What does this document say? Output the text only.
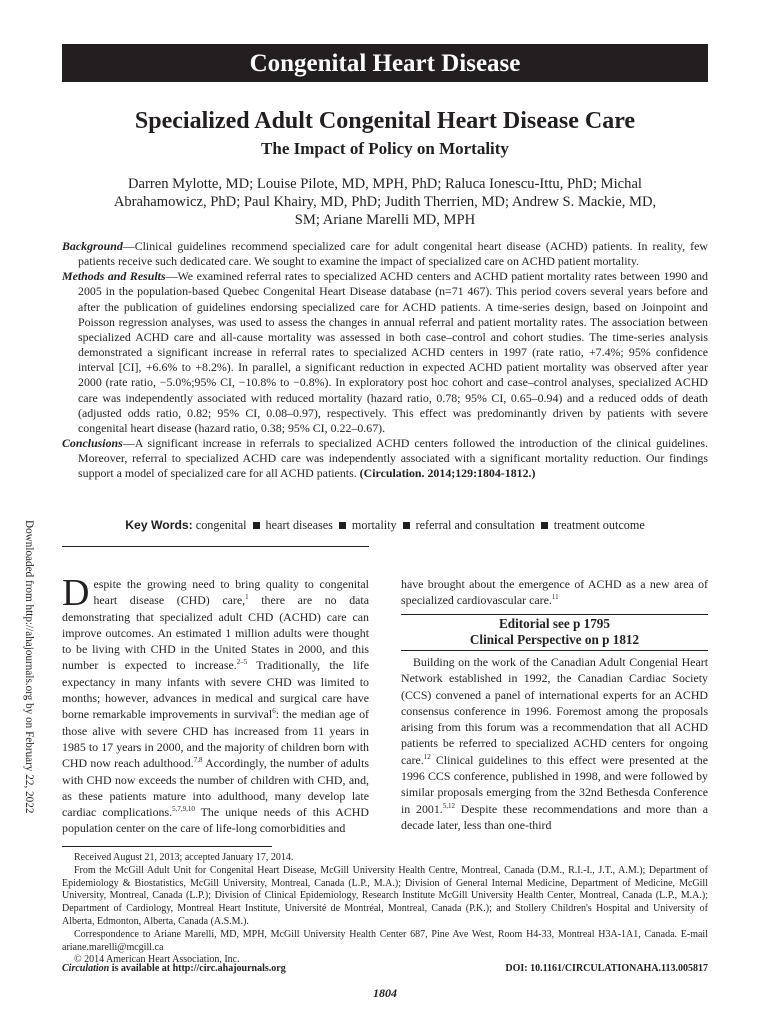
Congenital Heart Disease
Specialized Adult Congenital Heart Disease Care
The Impact of Policy on Mortality
Darren Mylotte, MD; Louise Pilote, MD, MPH, PhD; Raluca Ionescu-Ittu, PhD; Michal Abrahamowicz, PhD; Paul Khairy, MD, PhD; Judith Therrien, MD; Andrew S. Mackie, MD, SM; Ariane Marelli MD, MPH

Background—Clinical guidelines recommend specialized care for adult congenital heart disease (ACHD) patients. In reality, few patients receive such dedicated care. We sought to examine the impact of specialized care on ACHD patient mortality.

Methods and Results—We examined referral rates to specialized ACHD centers and ACHD patient mortality rates between 1990 and 2005 in the population-based Quebec Congenital Heart Disease database (n=71 467). This period covers several years before and after the publication of guidelines endorsing specialized care for ACHD patients. A time-series design, based on Joinpoint and Poisson regression analyses, was used to assess the changes in annual referral and patient mortality rates. The association between specialized ACHD care and all-cause mortality was assessed in both case–control and cohort studies. The time-series analysis demonstrated a significant increase in referral rates to specialized ACHD centers in 1997 (rate ratio, +7.4%; 95% confidence interval [CI], +6.6% to +8.2%). In parallel, a significant reduction in expected ACHD patient mortality was observed after year 2000 (rate ratio, −5.0%;95% CI, −10.8% to −0.8%). In exploratory post hoc cohort and case–control analyses, specialized ACHD care was independently associated with reduced mortality (hazard ratio, 0.78; 95% CI, 0.65–0.94) and a reduced odds of death (adjusted odds ratio, 0.82; 95% CI, 0.08–0.97), respectively. This effect was predominantly driven by patients with severe congenital heart disease (hazard ratio, 0.38; 95% CI, 0.22–0.67).

Conclusions—A significant increase in referrals to specialized ACHD centers followed the introduction of the clinical guidelines. Moreover, referral to specialized ACHD care was independently associated with a significant mortality reduction. Our findings support a model of specialized care for all ACHD patients. (Circulation. 2014;129:1804-1812.)

Key Words: congenital heart diseases mortality referral and consultation treatment outcome
Downloaded from http://ahajournals.org by on February 22, 2022 Despite the growing need to bring quality to congenital heart disease (CHD) care,$^1$ there are no data demonstrating that specialized adult CHD (ACHD) care can improve outcomes. An estimated 1 million adults were thought to be living with CHD in the United States in 2000, and this number is expected to increase.$^{2-5}$ Traditionally, the life expectancy in many infants with severe CHD was limited to months; however, advances in medical and surgical care have borne remarkable improvements in survival$^6$: the median age of those alive with severe CHD has increased from 11 years in 1985 to 17 years in 2000, and the majority of children born with CHD now reach adulthood.$^{7,8}$ Accordingly, the number of adults with CHD now exceeds the number of children with CHD, and, as these patients mature into adulthood, many develop late cardiac complications.$^{5,7,9,10}$ The unique needs of this ACHD population center on the care of life-long comorbidities and
have brought about the emergence of ACHD as a new area of specialized cardiovascular care.$^{11}$
Editorial see p 1795
Clinical Perspective on p 1812
Building on the work of the Canadian Adult Congenial Heart Network established in 1992, the Canadian Cardiac Society (CCS) convened a panel of international experts for an ACHD consensus conference in 1996. Foremost among the proposals arising from this forum was a recommendation that all ACHD patients be referred to specialized ACHD centers for ongoing care.$^{12}$ Clinical guidelines to this effect were presented at the 1996 CCS conference, published in 1998, and were followed by similar proposals emerging from the 32nd Bethesda Conference in 2001.$^{5,12}$ Despite these recommendations and more than a decade later, less than one-third

Received August 21, 2013; accepted January 17, 2014.

From the McGill Adult Unit for Congenital Heart Disease, McGill University Health Centre, Montreal, Canada (D.M., R.I.-I., J.T., A.M.); Department of Epidemiology & Biostatistics, McGill University, Montreal, Canada (L.P., M.A.); Division of General Internal Medicine, Department of Medicine, McGill University, Montreal, Canada (L.P.); Division of Clinical Epidemiology, Research Institute McGill University Health Center, Montreal, Canada (L.P., M.A.); Department of Cardiology, Montreal Heart Institute, Université de Montréal, Montreal, Canada (P.K.); and Stollery Children's Hospital and University of Alberta, Edmonton, Alberta, Canada (A.S.M.).

Correspondence to Ariane Marelli, MD, MPH, McGill University Health Center 687, Pine Ave West, Room H4-33, Montreal H3A-1A1, Canada. E-mail ariane.marelli@mcgill.ca

© 2014 American Heart Association, Inc.

Circulation is available at http://circ.ahajournals.org	DOI: 10.1161/CIRCULATIONAHA.113.005817
1804
